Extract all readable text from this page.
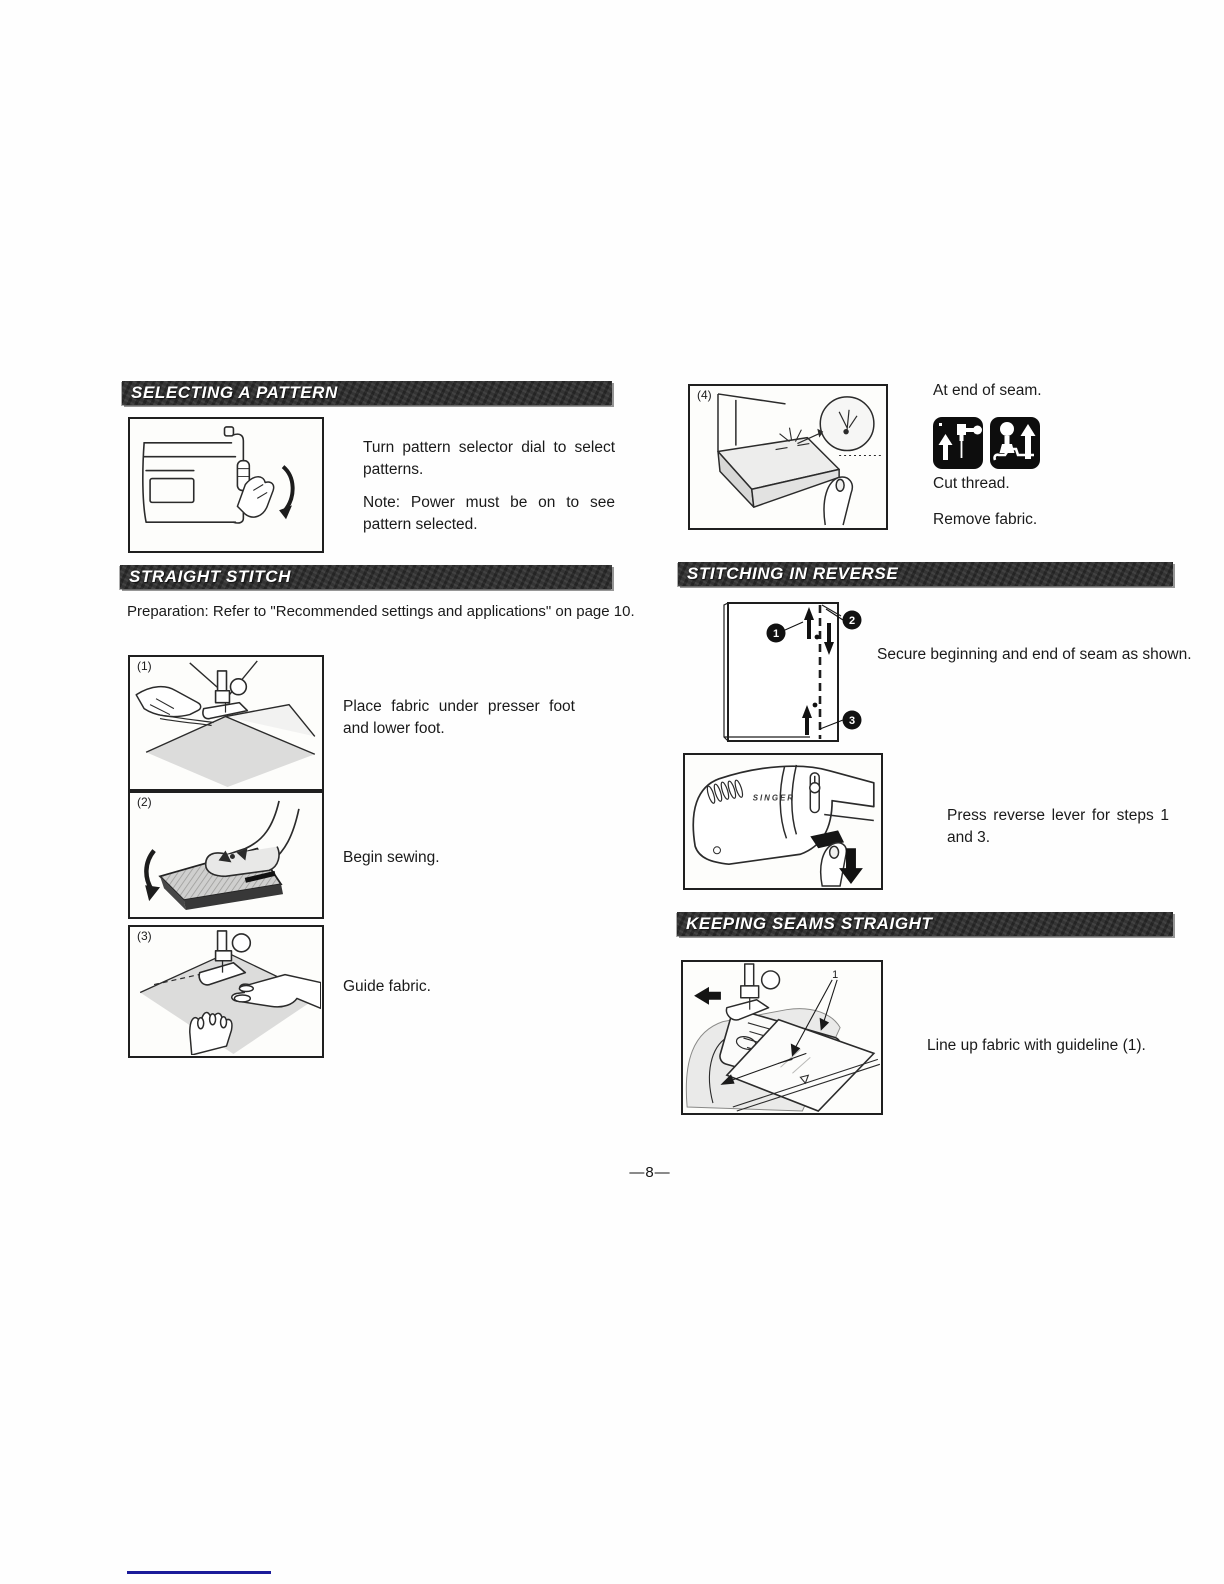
SELECTING A PATTERN
Turn pattern selector dial to select patterns.
Note: Power must be on to see pattern selected.
STRAIGHT STITCH
Preparation: Refer to "Recommended settings and applications" on page 10.
(1)
Place fabric under presser foot and lower foot.
(2)
Begin sewing.
(3)
Guide fabric.
(4)	At end of seam.
Cut thread.
Remove fabric.
STITCHING IN REVERSE
1
2
3
Secure beginning and end of seam as shown.
SINGER
Press reverse lever for steps 1 and 3.
KEEPING SEAMS STRAIGHT
1
Line up fabric with guideline (1).
—8—
